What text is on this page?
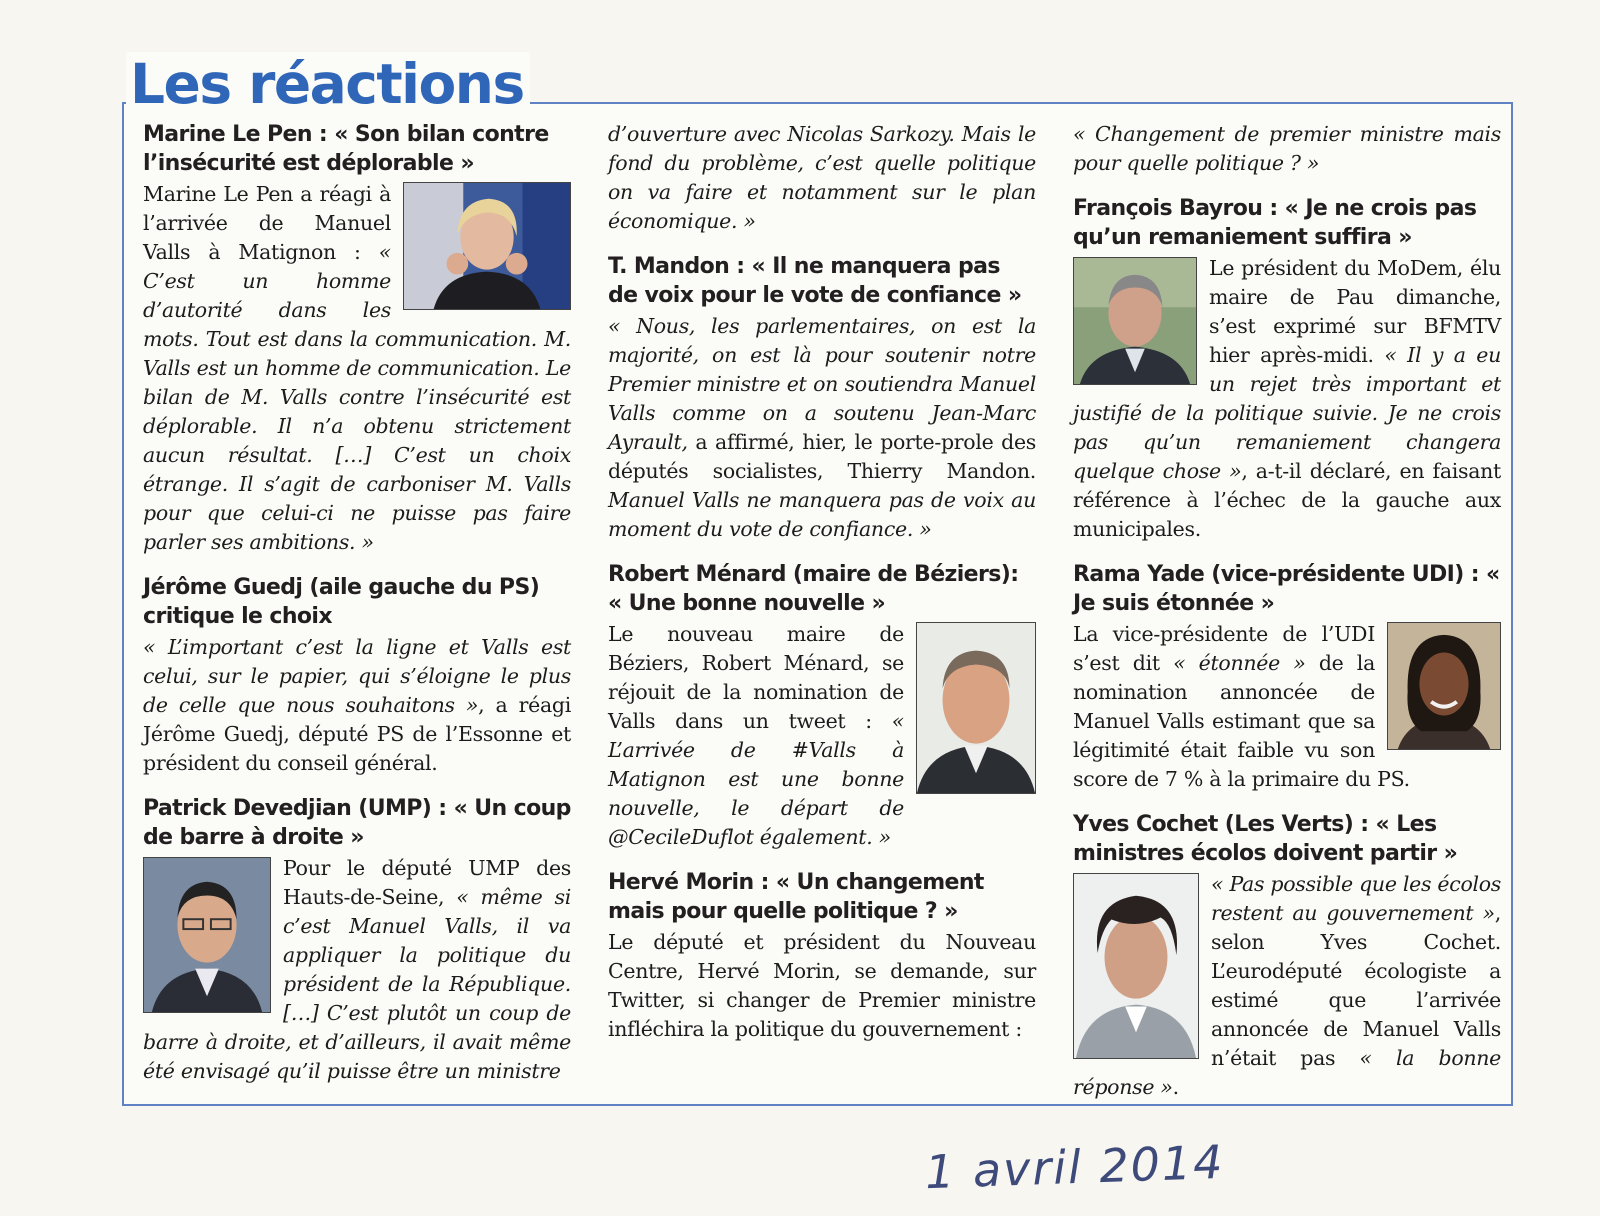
Les réactions
Marine Le Pen : « Son bilan contre l’insécurité est déplorable »

Marine Le Pen a réagi à l’arrivée de Manuel Valls à Matignon : « C’est un homme d’autorité dans les mots. Tout est dans la communication. M. Valls est un homme de communication. Le bilan de M. Valls contre l’insécurité est déplorable. Il n’a obtenu strictement aucun résultat. […] C’est un choix étrange. Il s’agit de carboniser M. Valls pour que celui-ci ne puisse pas faire parler ses ambitions. »

Jérôme Guedj (aile gauche du PS) critique le choix

« L’important c’est la ligne et Valls est celui, sur le papier, qui s’éloigne le plus de celle que nous souhaitons », a réagi Jérôme Guedj, député PS de l’Essonne et président du conseil général.

Patrick Devedjian (UMP) : « Un coup de barre à droite »

Pour le député UMP des Hauts-de-Seine, « même si c’est Manuel Valls, il va appliquer la politique du président de la République. […] C’est plutôt un coup de barre à droite, et d’ailleurs, il avait même été envisagé qu’il puisse être un ministre

d’ouverture avec Nicolas Sarkozy. Mais le fond du problème, c’est quelle politique on va faire et notamment sur le plan économique. »

T. Mandon : « Il ne manquera pas de voix pour le vote de confiance »

« Nous, les parlementaires, on est la majorité, on est là pour soutenir notre Premier ministre et on soutiendra Manuel Valls comme on a soutenu Jean-Marc Ayrault, a affirmé, hier, le porte-prole des députés socialistes, Thierry Mandon. Manuel Valls ne manquera pas de voix au moment du vote de confiance. »

Robert Ménard (maire de Béziers): « Une bonne nouvelle »

Le nouveau maire de Béziers, Robert Ménard, se réjouit de la nomination de Valls dans un tweet : « L’arrivée de #Valls à Matignon est une bonne nouvelle, le départ de @CecileDuflot également. »

Hervé Morin : « Un changement mais pour quelle politique ? »

Le député et président du Nouveau Centre, Hervé Morin, se demande, sur Twitter, si changer de Premier ministre infléchira la politique du gouvernement :

« Changement de premier ministre mais pour quelle politique ? »

François Bayrou : « Je ne crois pas qu’un remaniement suffira »

Le président du MoDem, élu maire de Pau dimanche, s’est exprimé sur BFMTV hier après-midi. « Il y a eu un rejet très important et justifié de la politique suivie. Je ne crois pas qu’un remaniement changera quelque chose », a-t-il déclaré, en faisant référence à l’échec de la gauche aux municipales.

Rama Yade (vice-présidente UDI) : « Je suis étonnée »

La vice-présidente de l’UDI s’est dit « étonnée » de la nomination annoncée de Manuel Valls estimant que sa légitimité était faible vu son score de 7 % à la primaire du PS.

Yves Cochet (Les Verts) : « Les ministres écolos doivent partir »

« Pas possible que les écolos restent au gouvernement », selon Yves Cochet. L’eurodéputé écologiste a estimé que l’arrivée annoncée de Manuel Valls n’était pas « la bonne réponse ».

1 avril 2014
